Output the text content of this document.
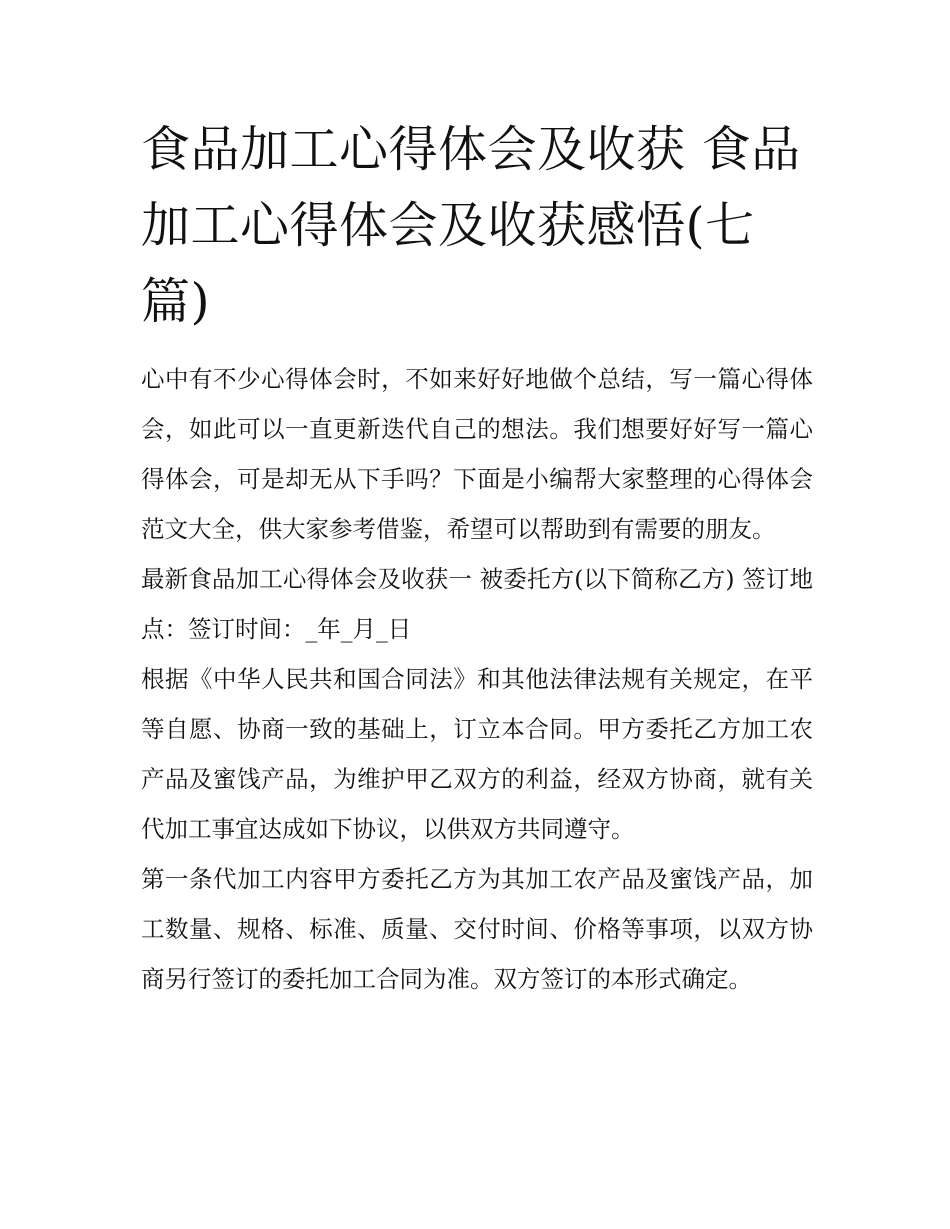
食品加工心得体会及收获 食品加工心得体会及收获感悟(七篇)

心中有不少心得体会时，不如来好好地做个总结，写一篇心得体会，如此可以一直更新迭代自己的想法。我们想要好好写一篇心得体会，可是却无从下手吗？下面是小编帮大家整理的心得体会范文大全，供大家参考借鉴，希望可以帮助到有需要的朋友。

最新食品加工心得体会及收获一 被委托方(以下简称乙方) 签订地点：签订时间：_年_月_日

根据《中华人民共和国合同法》和其他法律法规有关规定，在平等自愿、协商一致的基础上，订立本合同。甲方委托乙方加工农产品及蜜饯产品，为维护甲乙双方的利益，经双方协商，就有关代加工事宜达成如下协议，以供双方共同遵守。

第一条代加工内容甲方委托乙方为其加工农产品及蜜饯产品，加工数量、规格、标准、质量、交付时间、价格等事项，以双方协商另行签订的委托加工合同为准。双方签订的本形式确定。
